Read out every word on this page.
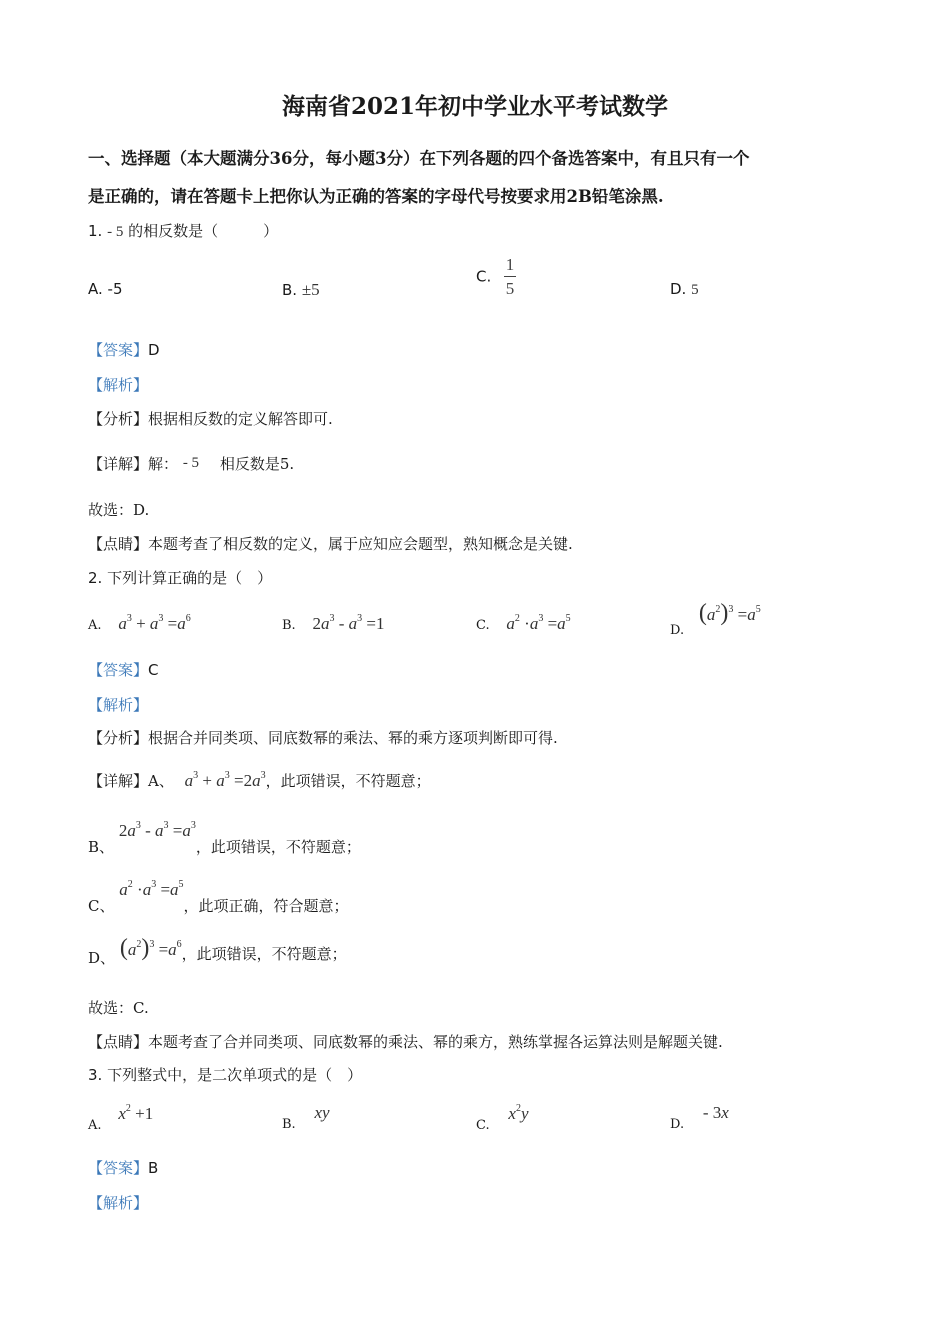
海南省2021年初中学业水平考试数学
一、选择题（本大题满分36分，每小题3分）在下列各题的四个备选答案中，有且只有一个
是正确的，请在答题卡上把你认为正确的答案的字母代号按要求用2B铅笔涂黑.
1. - 5 的相反数是（　　　）
A. -5	B. ±5
C. $\frac{1}{5}$	D. 5
【答案】D
【解析】
【分析】根据相反数的定义解答即可.
【详解】解： - 5 相反数是5.
故选：D.
【点睛】本题考查了相反数的定义，属于应知应会题型，熟知概念是关键.
2. 下列计算正确的是（　）
A. $a^3 + a^3 =a^6$	B. $2a^3 - a^3 =1$	C. $a^2 \cdot a^3 =a^5$
D. $(a^2)^3 =a^5$
【答案】C
【解析】
【分析】根据合并同类项、同底数幂的乘法、幂的乘方逐项判断即可得.
【详解】A、 $a^3 + a^3 =2a^3$，此项错误，不符题意；
B、 $2a^3 - a^3 =a^3$，此项错误，不符题意；
C、 $a^2 \cdot a^3 =a^5$，此项正确，符合题意；
D、 $(a^2)^3 =a^6$，此项错误，不符题意；
故选：C.
【点睛】本题考查了合并同类项、同底数幂的乘法、幂的乘方，熟练掌握各运算法则是解题关键.
3. 下列整式中，是二次单项式的是（　）
A. $x^2 +1$
B. xy
C. $x^2y$
D. - 3x
【答案】B
【解析】
